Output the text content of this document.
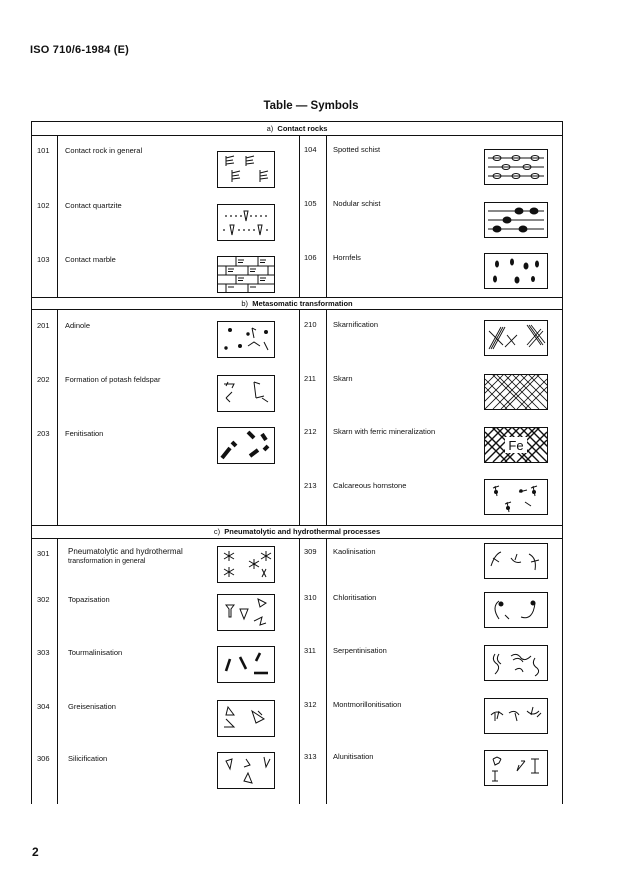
ISO 710/6-1984 (E)
Table — Symbols
a) Contact rocks
101 Contact rock in general
102 Contact quartzite
103 Contact marble
104 Spotted schist
105 Nodular schist
106 Hornfels
b) Metasomatic transformation
201 Adinole
202 Formation of potash feldspar
203 Fenitisation
210 Skarnification
211 Skarn
212 Skarn with ferric mineralization
Fe
213 Calcareous hornstone
c) Pneumatolytic and hydrothermal processes
301 Pneumatolytic and hydrothermal
transformation in general
302 Topazisation
303 Tourmalinisation
304 Greisenisation
306 Silicification
309 Kaolinisation
310 Chloritisation
311 Serpentinisation
312 Montmorillonitisation
313 Alunitisation
2
